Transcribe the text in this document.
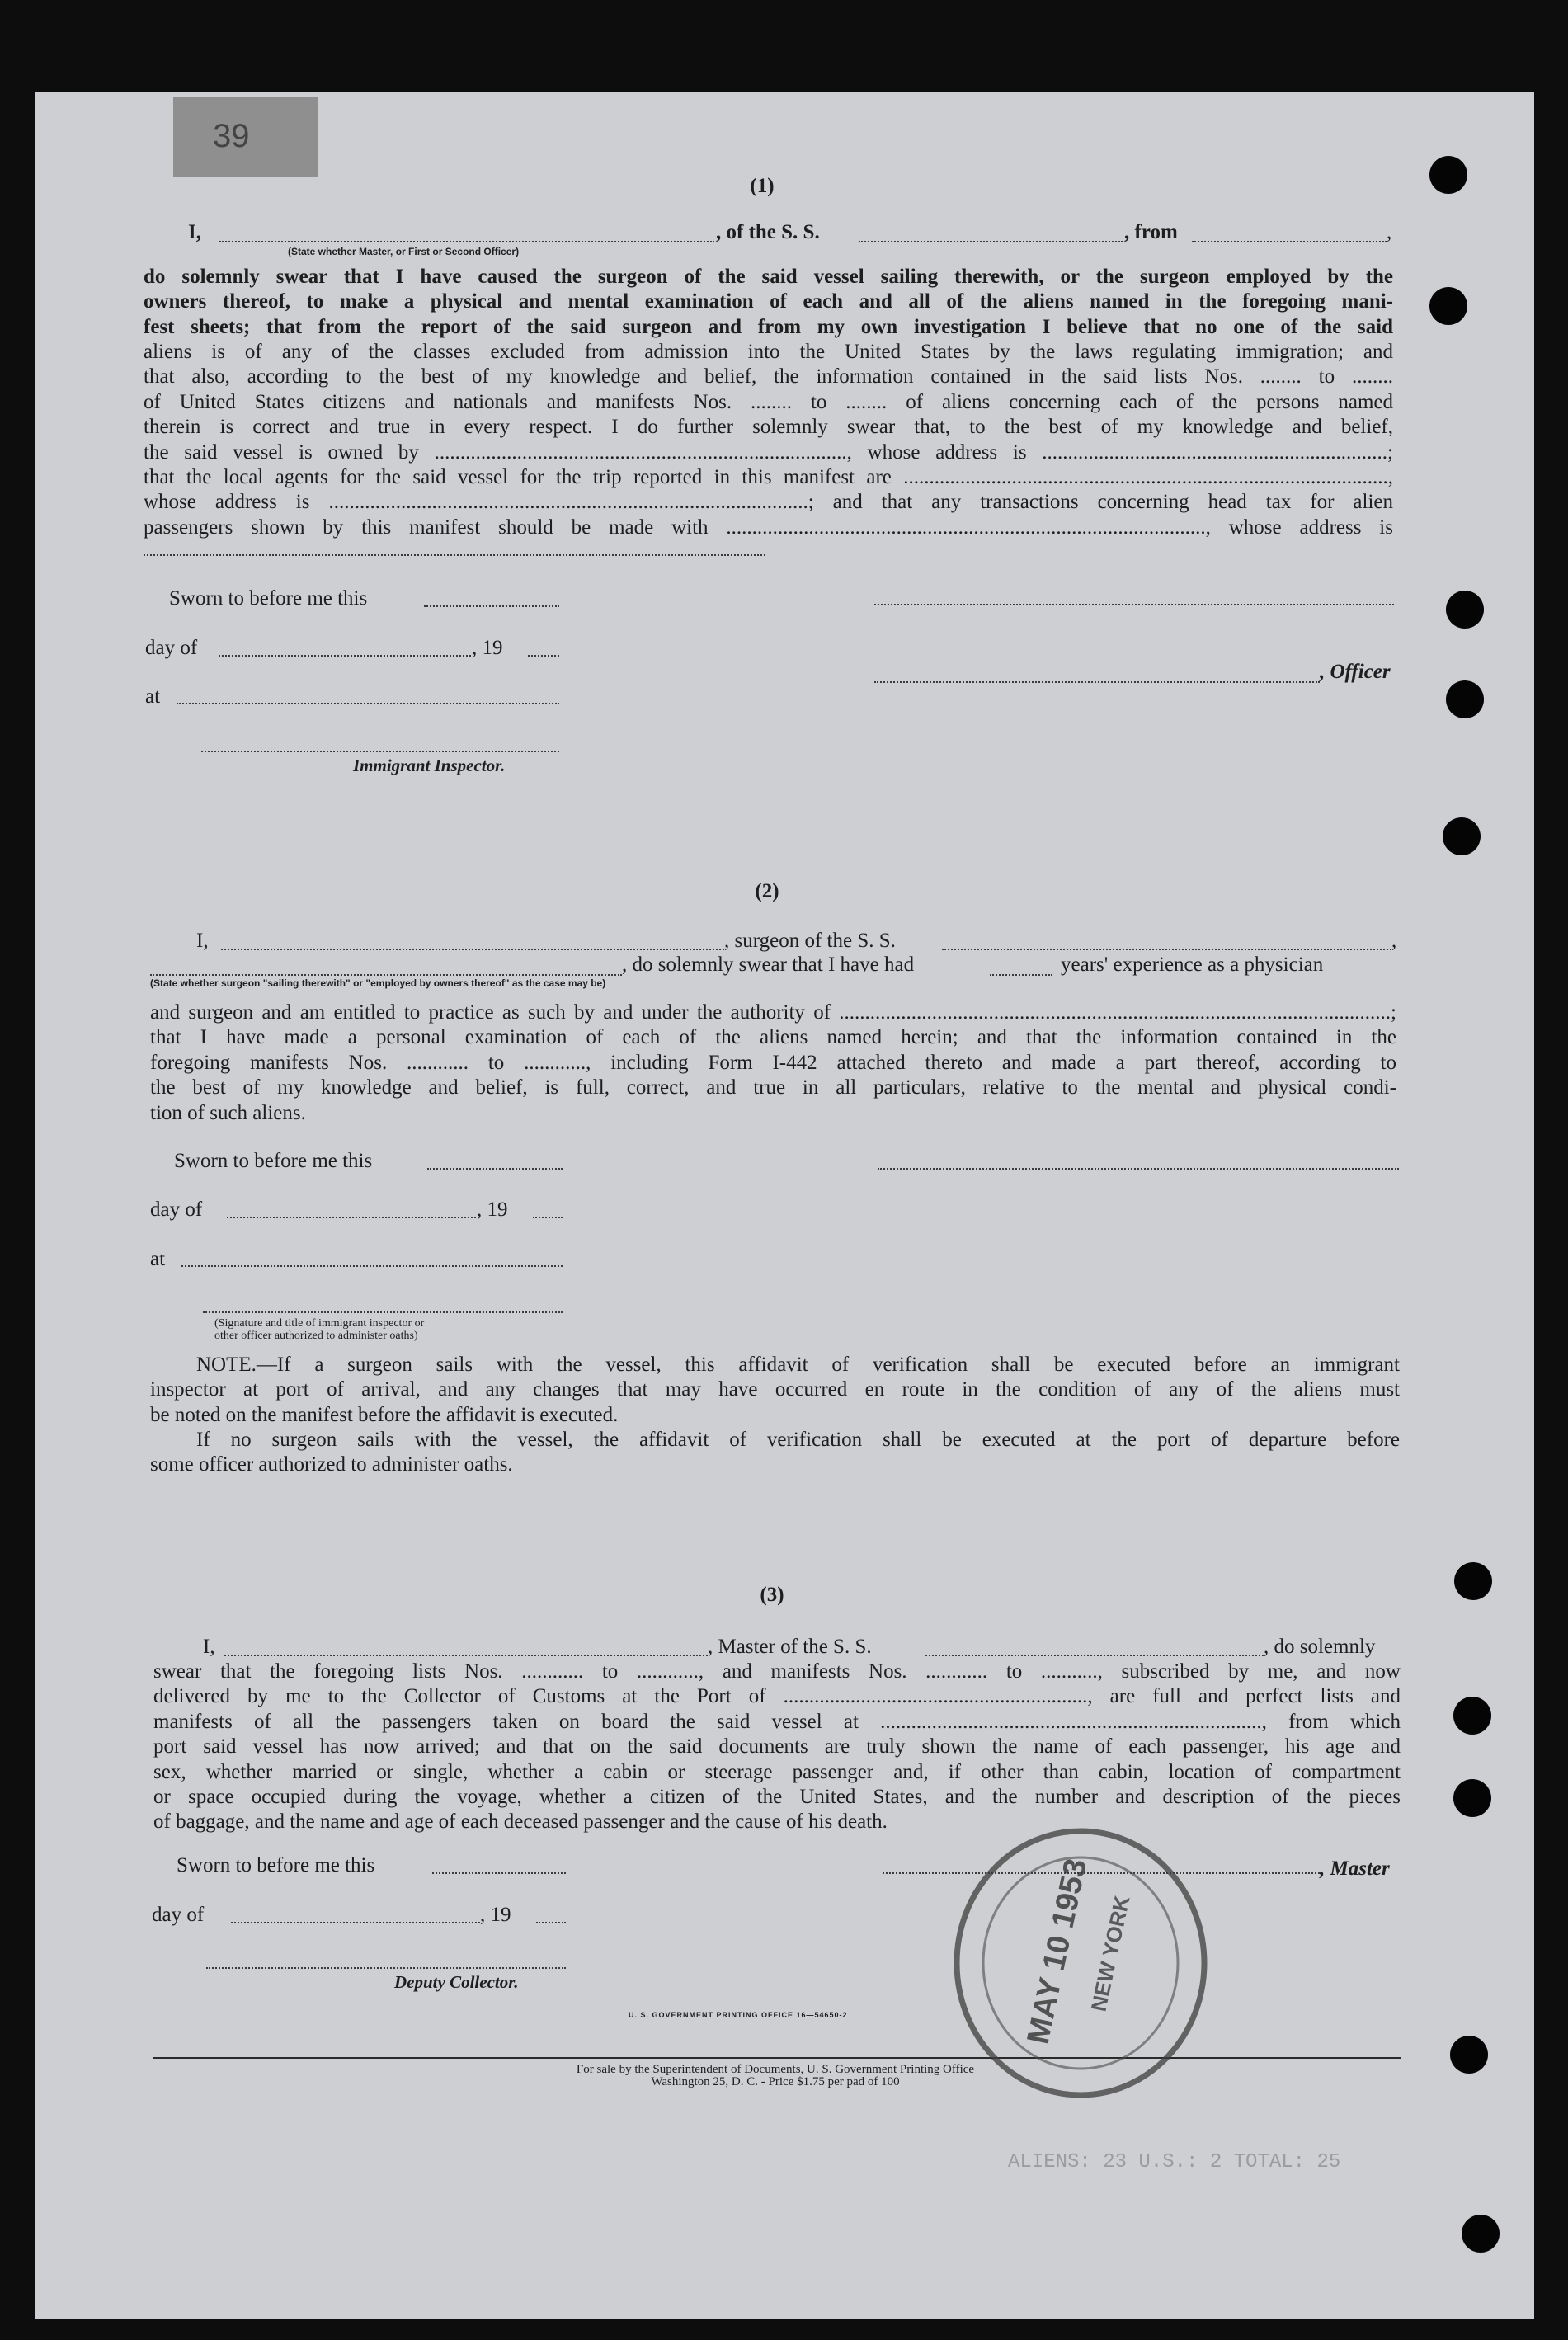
39
ALIENS: 23 U.S.: 2 TOTAL: 25
(1)
I,	, of the S. S.	, from	,
(State whether Master, or First or Second Officer)
do solemnly swear that I have caused the surgeon of the said vessel sailing therewith, or the surgeon employed by the
owners thereof, to make a physical and mental examination of each and all of the aliens named in the foregoing mani-
fest sheets; that from the report of the said surgeon and from my own investigation I believe that no one of the said
aliens is of any of the classes excluded from admission into the United States by the laws regulating immigration; and
that also, according to the best of my knowledge and belief, the information contained in the said lists Nos. ........ to ........
of United States citizens and nationals and manifests Nos. ........ to ........ of aliens concerning each of the persons named
therein is correct and true in every respect. I do further solemnly swear that, to the best of my knowledge and belief,
the said vessel is owned by ................................................................................, whose address is ...................................................................;
that the local agents for the said vessel for the trip reported in this manifest are ..............................................................................................,
whose address is .............................................................................................; and that any transactions concerning head tax for alien
passengers shown by this manifest should be made with ............................................................................................., whose address is
Sworn to before me this
day of	, 19
, Officer
at
Immigrant Inspector.
(2)
I,	, surgeon of the S. S.	,
, do solemnly swear that I have had	years' experience as a physician
(State whether surgeon "sailing therewith" or "employed by owners thereof" as the case may be)
and surgeon and am entitled to practice as such by and under the authority of ...........................................................................................................;
that I have made a personal examination of each of the aliens named herein; and that the information contained in the
foregoing manifests Nos. ............ to ............, including Form I-442 attached thereto and made a part thereof, according to
the best of my knowledge and belief, is full, correct, and true in all particulars, relative to the mental and physical condi-
tion of such aliens.
Sworn to before me this
day of	, 19
at
(Signature and title of immigrant inspector or
other officer authorized to administer oaths)
NOTE.—If a surgeon sails with the vessel, this affidavit of verification shall be executed before an immigrant
inspector at port of arrival, and any changes that may have occurred en route in the condition of any of the aliens must
be noted on the manifest before the affidavit is executed.
If no surgeon sails with the vessel, the affidavit of verification shall be executed at the port of departure before
some officer authorized to administer oaths.
(3)
I,	, Master of the S. S.	, do solemnly
swear that the foregoing lists Nos. ............ to ............, and manifests Nos. ............ to ..........., subscribed by me, and now
delivered by me to the Collector of Customs at the Port of ..........................................................., are full and perfect lists and
manifests of all the passengers taken on board the said vessel at .........................................................................., from which
port said vessel has now arrived; and that on the said documents are truly shown the name of each passenger, his age and
sex, whether married or single, whether a cabin or steerage passenger and, if other than cabin, location of compartment
or space occupied during the voyage, whether a citizen of the United States, and the number and description of the pieces
of baggage, and the name and age of each deceased passenger and the cause of his death.
Sworn to before me this	, Master
day of	, 19
Deputy Collector.
U. S. GOVERNMENT PRINTING OFFICE 16—54650-2
For sale by the Superintendent of Documents, U. S. Government Printing Office
Washington 25, D. C. - Price $1.75 per pad of 100
MAY 10 1953
NEW YORK
